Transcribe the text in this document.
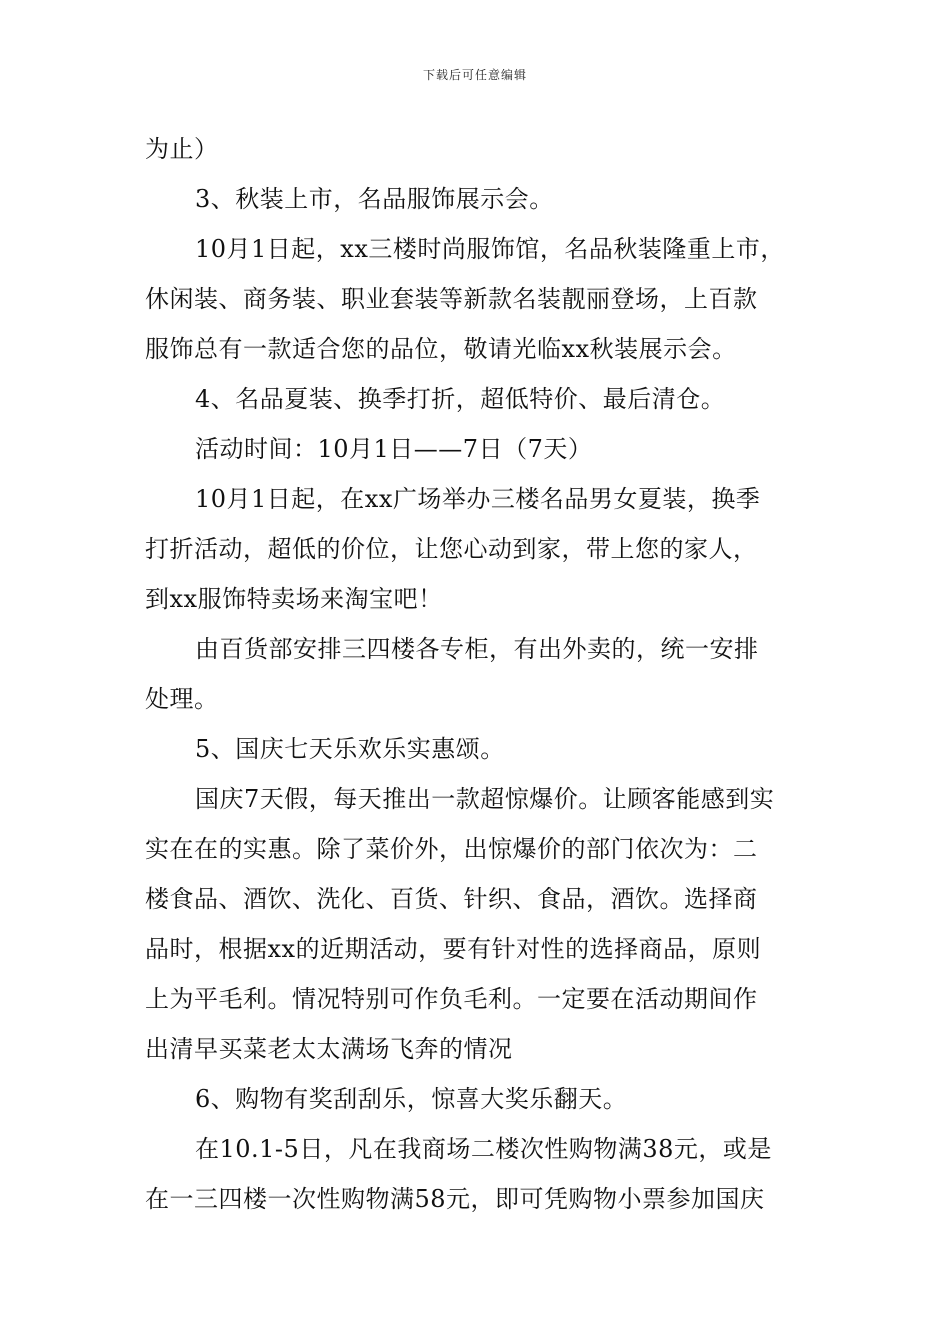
下载后可任意编辑
为止）
3、秋装上市，名品服饰展示会。
10月1日起，xx三楼时尚服饰馆，名品秋装隆重上市，
休闲装、商务装、职业套装等新款名装靓丽登场，上百款
服饰总有一款适合您的品位，敬请光临xx秋装展示会。
4、名品夏装、换季打折，超低特价、最后清仓。
活动时间：10月1日——7日（7天）
10月1日起，在xx广场举办三楼名品男女夏装，换季
打折活动，超低的价位，让您心动到家，带上您的家人，
到xx服饰特卖场来淘宝吧！
由百货部安排三四楼各专柜，有出外卖的，统一安排
处理。
5、国庆七天乐欢乐实惠颂。
国庆7天假，每天推出一款超惊爆价。让顾客能感到实
实在在的实惠。除了菜价外，出惊爆价的部门依次为：二
楼食品、酒饮、洗化、百货、针织、食品，酒饮。选择商
品时，根据xx的近期活动，要有针对性的选择商品，原则
上为平毛利。情况特别可作负毛利。一定要在活动期间作
出清早买菜老太太满场飞奔的情况
6、购物有奖刮刮乐，惊喜大奖乐翻天。
在10.1-5日，凡在我商场二楼次性购物满38元，或是
在一三四楼一次性购物满58元，即可凭购物小票参加国庆
